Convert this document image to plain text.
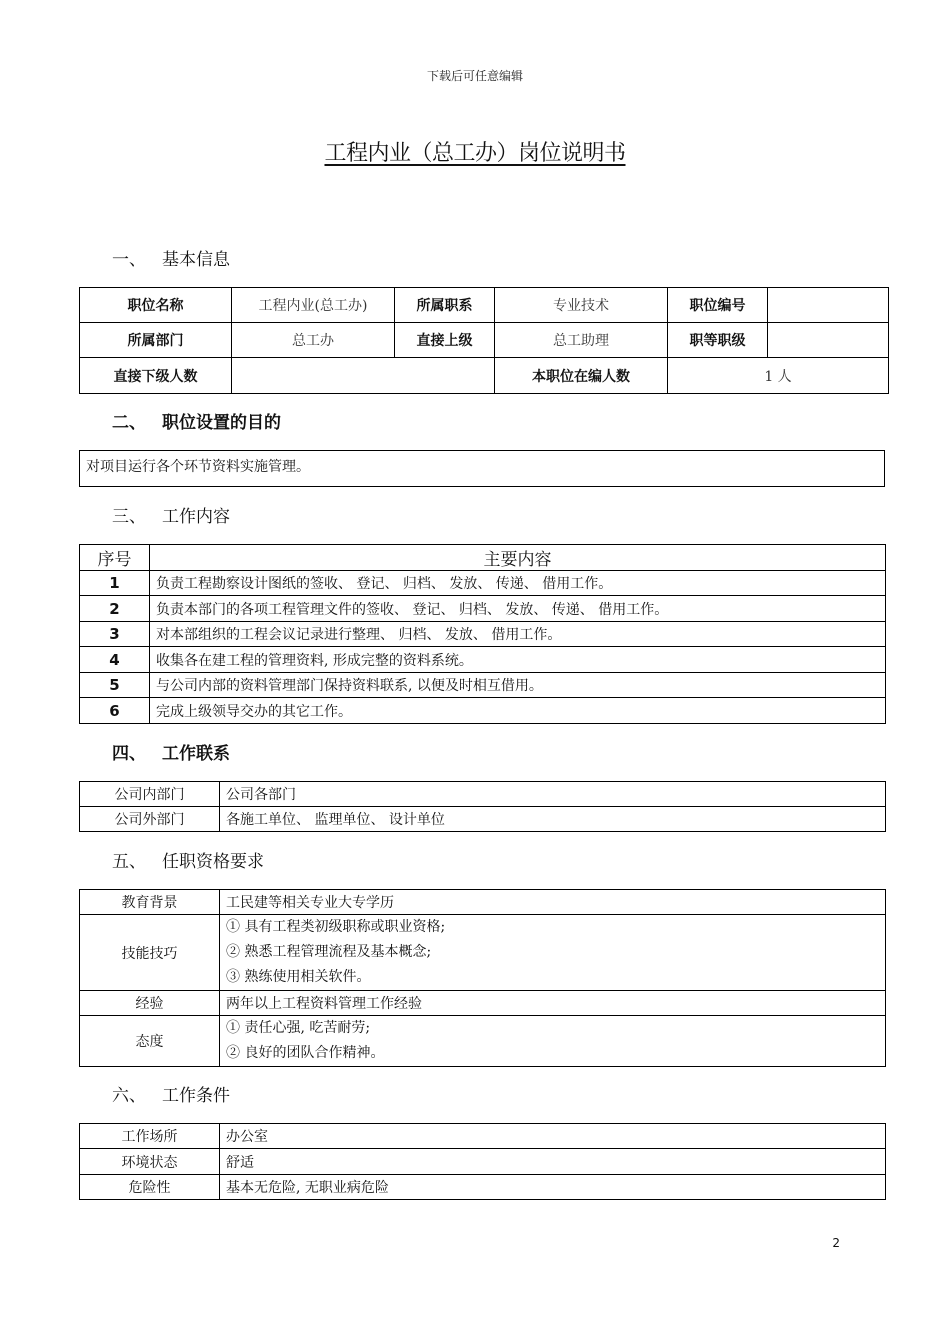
下载后可任意编辑
工程内业（总工办）岗位说明书
一、 基本信息
职位名称	工程内业(总工办)	所属职系	专业技术	职位编号	
所属部门	总工办	直接上级	总工助理	职等职级	
直接下级人数			本职位在编人数	1 人	
二、 职位设置的目的
对项目运行各个环节资料实施管理。
三、 工作内容
序号	主要内容
1	负责工程勘察设计图纸的签收、 登记、 归档、 发放、 传递、 借用工作。
2	负责本部门的各项工程管理文件的签收、 登记、 归档、 发放、 传递、 借用工作。
3	对本部组织的工程会议记录进行整理、 归档、 发放、 借用工作。
4	收集各在建工程的管理资料, 形成完整的资料系统。
5	与公司内部的资料管理部门保持资料联系, 以便及时相互借用。
6	完成上级领导交办的其它工作。
四、 工作联系
公司内部门	公司各部门
公司外部门	各施工单位、 监理单位、 设计单位
五、 任职资格要求
教育背景	工民建等相关专业大专学历
技能技巧	① 具有工程类初级职称或职业资格;
② 熟悉工程管理流程及基本概念;
③ 熟练使用相关软件。

经验	两年以上工程资料管理工作经验
态度	① 责任心强, 吃苦耐劳;
② 良好的团队合作精神。
六、 工作条件
工作场所	办公室
环境状态	舒适
危险性	基本无危险, 无职业病危险
2
